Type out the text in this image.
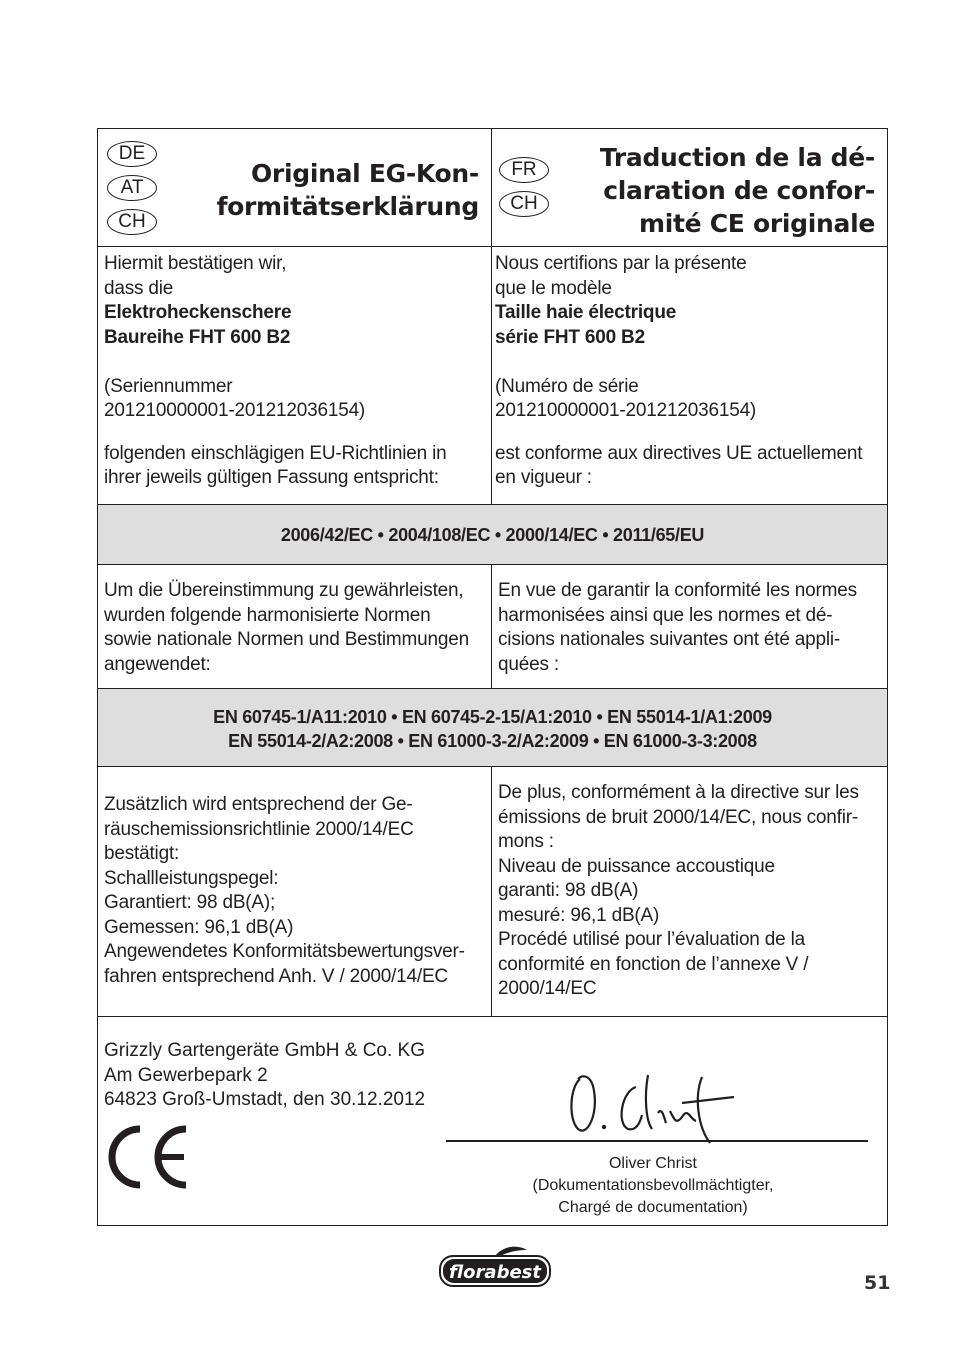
DE
AT
CH
Original EG-Kon-
formitätserklärung
FR
CH
Traduction de la dé-
claration de confor-
mité CE originale
Hiermit bestätigen wir,
dass die
Elektroheckenschere
Baureihe FHT 600 B2
(Seriennummer
201210000001-201212036154)
folgenden einschlägigen EU-Richtlinien in
ihrer jeweils gültigen Fassung entspricht:
Nous certifions par la présente
que le modèle
Taille haie électrique
série FHT 600 B2
(Numéro de série
201210000001-201212036154)
est conforme aux directives UE actuellement
en vigueur :
2006/42/EC • 2004/108/EC • 2000/14/EC • 2011/65/EU
Um die Übereinstimmung zu gewährleisten,
wurden folgende harmonisierte Normen
sowie nationale Normen und Bestimmungen
angewendet:
En vue de garantir la conformité les normes
harmonisées ainsi que les normes et dé-
cisions nationales suivantes ont été appli-
quées :
EN 60745-1/A11:2010 • EN 60745-2-15/A1:2010 • EN 55014-1/A1:2009
EN 55014-2/A2:2008 • EN 61000-3-2/A2:2009 • EN 61000-3-3:2008
Zusätzlich wird entsprechend der Ge-
räuschemissionsrichtlinie 2000/14/EC
bestätigt:
Schallleistungspegel:
Garantiert: 98 dB(A);
Gemessen: 96,1 dB(A)
Angewendetes Konformitätsbewertungsver-
fahren entsprechend Anh. V / 2000/14/EC
De plus, conformément à la directive sur les
émissions de bruit 2000/14/EC, nous confir-
mons :
Niveau de puissance accoustique
garanti: 98 dB(A)
mesuré: 96,1 dB(A)
Procédé utilisé pour l’évaluation de la
conformité en fonction de l’annexe V /
2000/14/EC
Grizzly Gartengeräte GmbH & Co. KG
Am Gewerbepark 2
64823 Groß-Umstadt, den 30.12.2012
Oliver Christ
(Dokumentationsbevollmächtigter,
Chargé de documentation)
florabest	51
